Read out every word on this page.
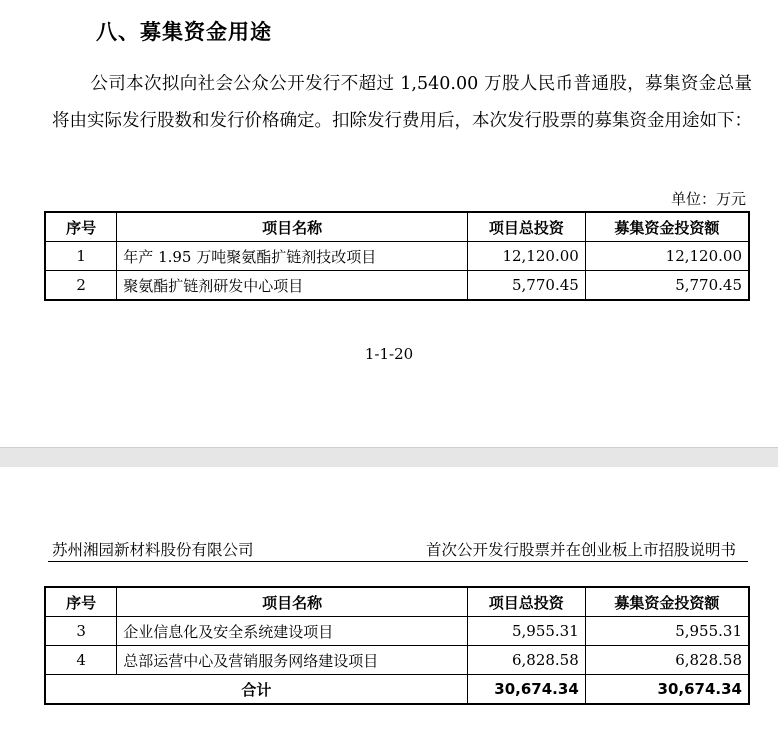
八、募集资金用途
公司本次拟向社会公众公开发行不超过 1,540.00 万股人民币普通股，募集资金总量将由实际发行股数和发行价格确定。扣除发行费用后，本次发行股票的募集资金用途如下：
单位：万元
序号	项目名称	项目总投资	募集资金投资额
1	年产 1.95 万吨聚氨酯扩链剂技改项目	12,120.00	12,120.00
2	聚氨酯扩链剂研发中心项目	5,770.45	5,770.45
1-1-20
苏州湘园新材料股份有限公司	首次公开发行股票并在创业板上市招股说明书
序号	项目名称	项目总投资	募集资金投资额
3	企业信息化及安全系统建设项目	5,955.31	5,955.31
4	总部运营中心及营销服务网络建设项目	6,828.58	6,828.58
合计		30,674.34	30,674.34
